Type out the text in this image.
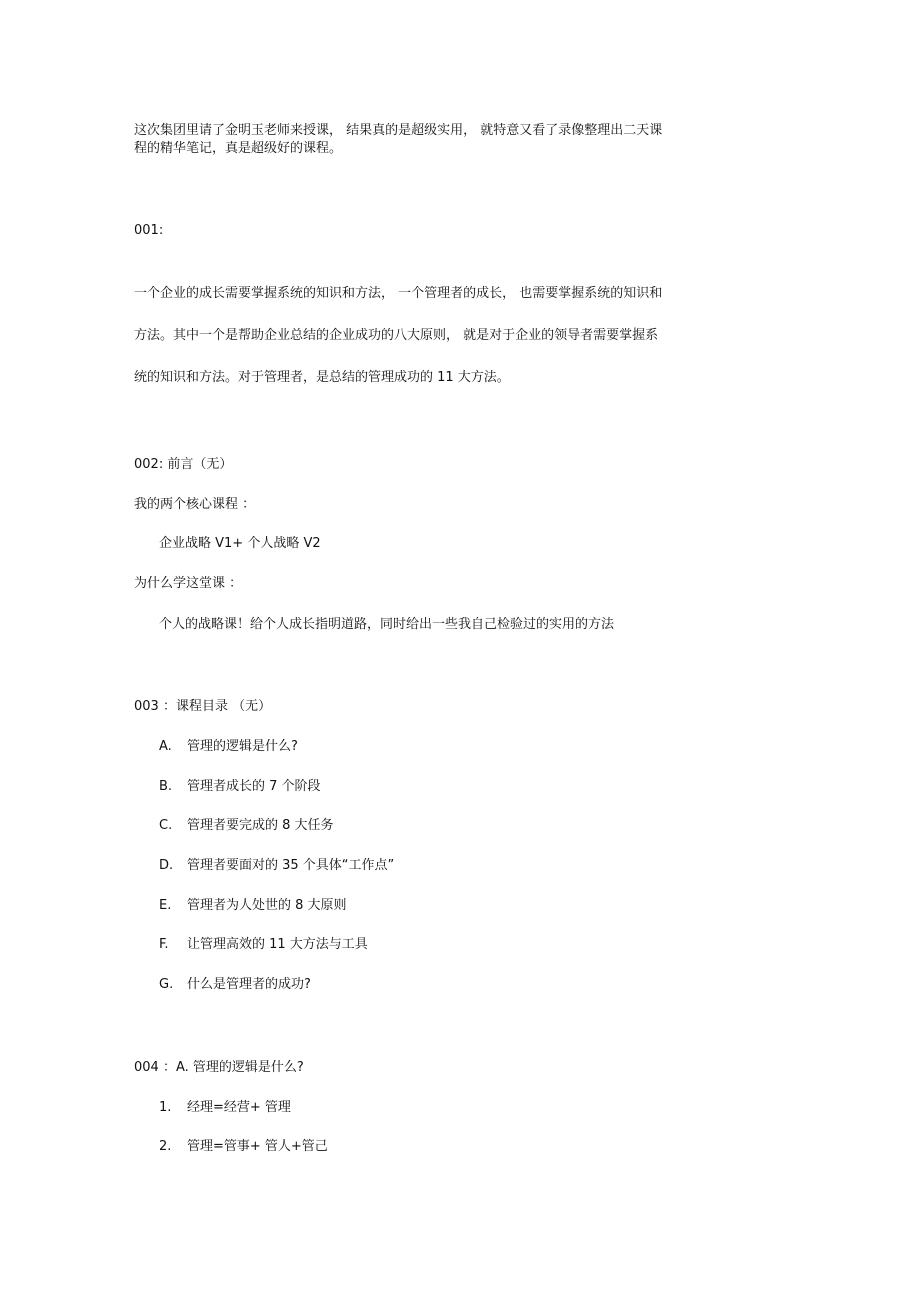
这次集团里请了金明玉老师来授课， 结果真的是超级实用， 就特意又看了录像整理出二天课
程的精华笔记，真是超级好的课程。
001:
一个企业的成长需要掌握系统的知识和方法， 一个管理者的成长， 也需要掌握系统的知识和
方法。其中一个是帮助企业总结的企业成功的八大原则， 就是对于企业的领导者需要掌握系
统的知识和方法。对于管理者，是总结的管理成功的 11 大方法。
002: 前言（无）
我的两个核心课程 ：
企业战略 V1+ 个人战略 V2
为什么学这堂课 ：
个人的战略课！给个人成长指明道路，同时给出一些我自己检验过的实用的方法
003 ：课程目录 （无）
A. 管理的逻辑是什么?
B. 管理者成长的 7 个阶段
C. 管理者要完成的 8 大任务
D. 管理者要面对的 35 个具体“工作点”
E. 管理者为人处世的 8 大原则
F. 让管理高效的 11 大方法与工具
G. 什么是管理者的成功?
004 ：A. 管理的逻辑是什么?
1. 经理=经营+ 管理
2. 管理=管事+ 管人+管己
